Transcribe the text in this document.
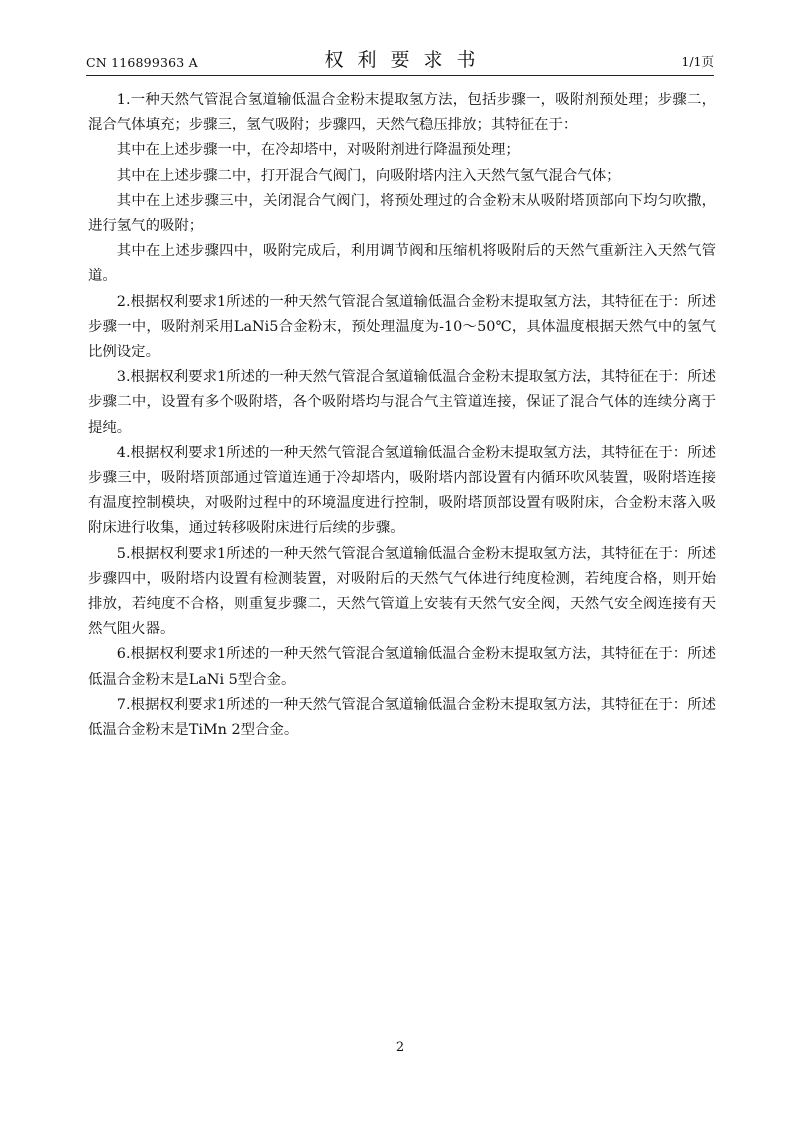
CN 116899363 A	权利要求书	1/1页

1.一种天然气管混合氢道输低温合金粉末提取氢方法，包括步骤一，吸附剂预处理；步骤二，混合气体填充；步骤三，氢气吸附；步骤四，天然气稳压排放；其特征在于：

其中在上述步骤一中，在冷却塔中，对吸附剂进行降温预处理；

其中在上述步骤二中，打开混合气阀门，向吸附塔内注入天然气氢气混合气体；

其中在上述步骤三中，关闭混合气阀门，将预处理过的合金粉末从吸附塔顶部向下均匀吹撒，进行氢气的吸附；

其中在上述步骤四中，吸附完成后，利用调节阀和压缩机将吸附后的天然气重新注入天然气管道。

2.根据权利要求1所述的一种天然气管混合氢道输低温合金粉末提取氢方法，其特征在于：所述步骤一中，吸附剂采用LaNi5合金粉末，预处理温度为-10～50℃，具体温度根据天然气中的氢气比例设定。

3.根据权利要求1所述的一种天然气管混合氢道输低温合金粉末提取氢方法，其特征在于：所述步骤二中，设置有多个吸附塔，各个吸附塔均与混合气主管道连接，保证了混合气体的连续分离于提纯。

4.根据权利要求1所述的一种天然气管混合氢道输低温合金粉末提取氢方法，其特征在于：所述步骤三中，吸附塔顶部通过管道连通于冷却塔内，吸附塔内部设置有内循环吹风装置，吸附塔连接有温度控制模块，对吸附过程中的环境温度进行控制，吸附塔顶部设置有吸附床，合金粉末落入吸附床进行收集，通过转移吸附床进行后续的步骤。

5.根据权利要求1所述的一种天然气管混合氢道输低温合金粉末提取氢方法，其特征在于：所述步骤四中，吸附塔内设置有检测装置，对吸附后的天然气气体进行纯度检测，若纯度合格，则开始排放，若纯度不合格，则重复步骤二，天然气管道上安装有天然气安全阀，天然气安全阀连接有天然气阻火器。

6.根据权利要求1所述的一种天然气管混合氢道输低温合金粉末提取氢方法，其特征在于：所述低温合金粉末是LaNi 5型合金。

7.根据权利要求1所述的一种天然气管混合氢道输低温合金粉末提取氢方法，其特征在于：所述低温合金粉末是TiMn 2型合金。

2
